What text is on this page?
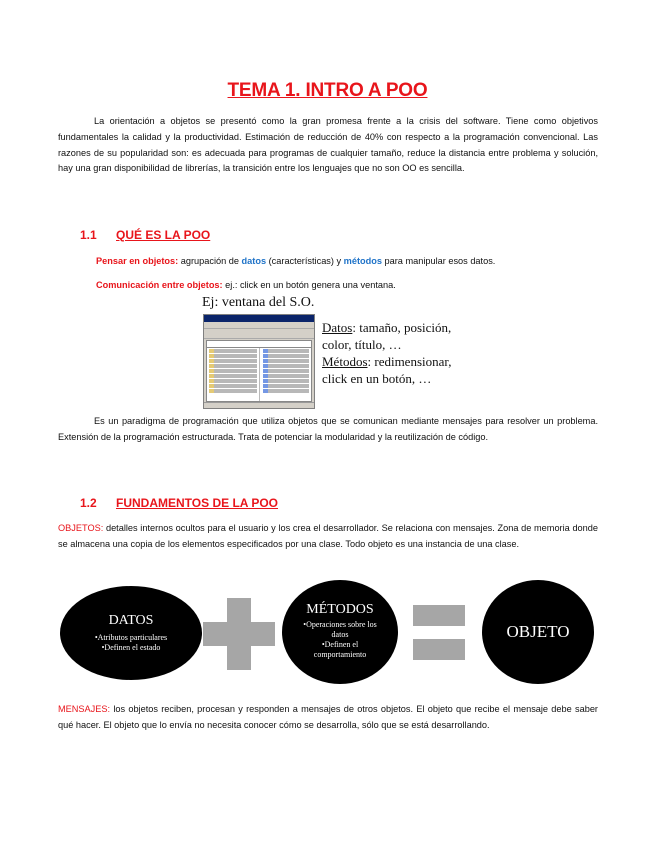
TEMA 1. INTRO A POO

La orientación a objetos se presentó como la gran promesa frente a la crisis del software. Tiene como objetivos fundamentales la calidad y la productividad. Estimación de reducción de 40% con respecto a la programación convencional. Las razones de su popularidad son: es adecuada para programas de cualquier tamaño, reduce la distancia entre problema y solución, hay una gran disponibilidad de librerías, la transición entre los lenguajes que no son OO es sencilla.

1.1 QUÉ ES LA POO
Pensar en objetos: agrupación de datos (características) y métodos para manipular esos datos.
Comunicación entre objetos: ej.: click en un botón genera una ventana.
Ej: ventana del S.O.
Datos: tamaño, posición,
color, título, …
Métodos: redimensionar,
click en un botón, …

Es un paradigma de programación que utiliza objetos que se comunican mediante mensajes para resolver un problema. Extensión de la programación estructurada. Trata de potenciar la modularidad y la reutilización de código.

1.2 FUNDAMENTOS DE LA POO

OBJETOS: detalles internos ocultos para el usuario y los crea el desarrollador. Se relaciona con mensajes. Zona de memoria donde se almacena una copia de los elementos especificados por una clase. Todo objeto es una instancia de una clase.

DATOS
•Atributos particulares
•Definen el estado
MÉTODOS
•Operaciones sobre los
datos
•Definen el
comportamiento
OBJETO

MENSAJES: los objetos reciben, procesan y responden a mensajes de otros objetos. El objeto que recibe el mensaje debe saber qué hacer. El objeto que lo envía no necesita conocer cómo se desarrolla, sólo que se está desarrollando.
